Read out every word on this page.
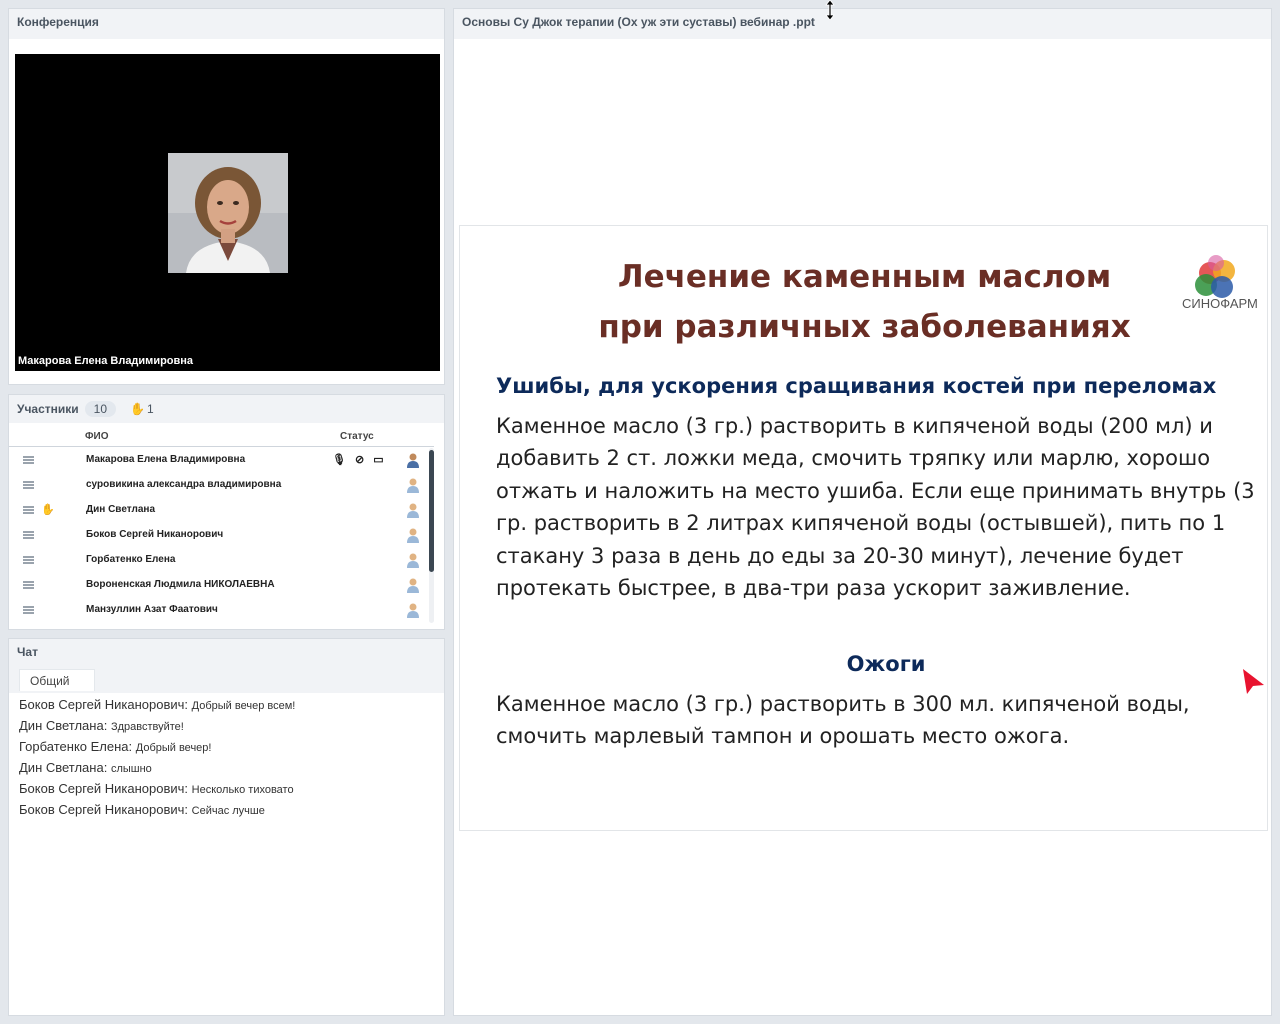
Конференция
Макарова Елена Владимировна
Участники	10	✋ 1
ФИО	Статус
Макарова Елена Владимировна	🎙 ⊘ ▭
суровикина александра владимировна
✋	Дин Светлана
Боков Сергей Никанорович
Горбатенко Елена
Вороненская Людмила НИКОЛАЕВНА
Манзуллин Азат Фаатович
Чат
Общий
Боков Сергей Никанорович: Добрый вечер всем!
Дин Светлана: Здравствуйте!
Горбатенко Елена: Добрый вечер!
Дин Светлана: слышно
Боков Сергей Никанорович: Несколько тиховато
Боков Сергей Никанорович: Сейчас лучше
Основы Су Джок терапии (Ох уж эти суставы) вебинар .ppt
Лечение каменным маслом
при различных заболеваниях
СИНОФАРМ
Ушибы, для ускорения сращивания костей при переломах
Каменное масло (3 гр.) растворить в кипяченой воды (200 мл) и добавить 2 ст. ложки меда, смочить тряпку или марлю, хорошо отжать и наложить на место ушиба. Если еще принимать внутрь (3 гр. растворить в 2 литрах кипяченой воды (остывшей), пить по 1 стакану 3 раза в день до еды за 20-30 минут), лечение будет протекать быстрее, в два-три раза ускорит заживление.
Ожоги
Каменное масло (3 гр.) растворить в 300 мл. кипяченой воды, смочить марлевый тампон и орошать место ожога.
